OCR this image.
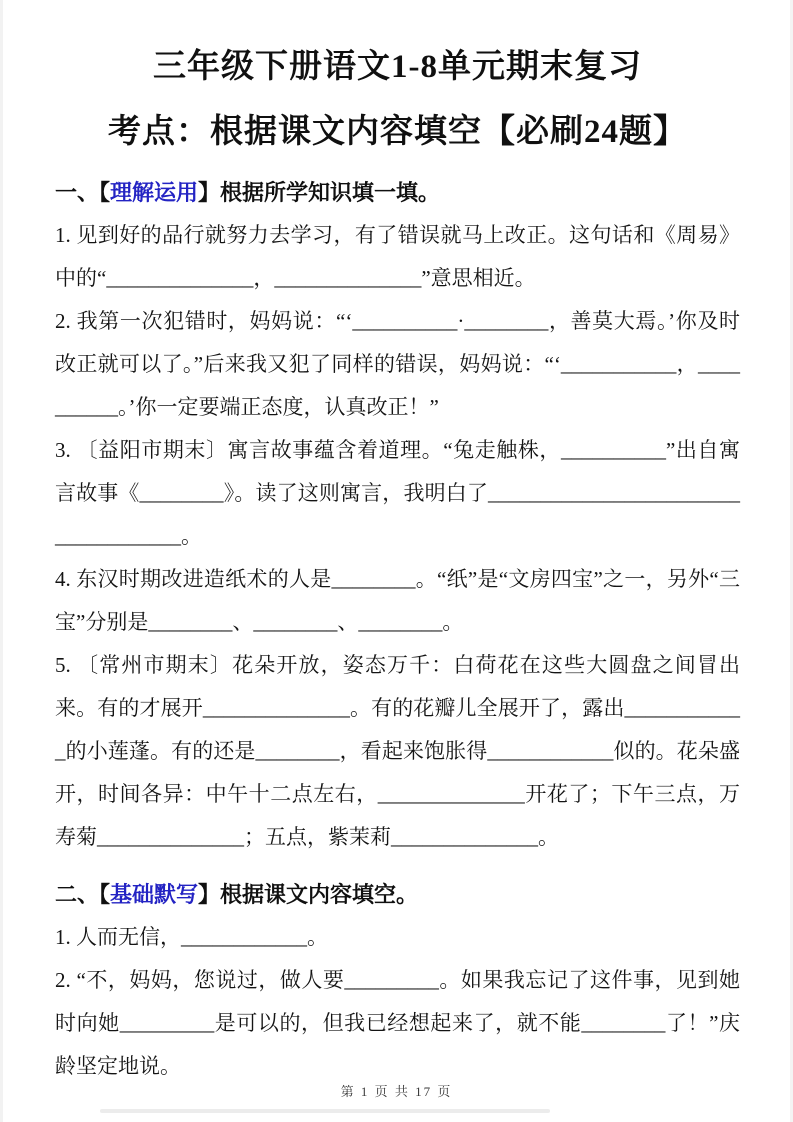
三年级下册语文1-8单元期末复习
考点：根据课文内容填空【必刷24题】

一、【理解运用】根据所学知识填一填。

1. 见到好的品行就努力去学习，有了错误就马上改正。这句话和《周易》中的“______________，______________”意思相近。

2. 我第一次犯错时，妈妈说：“‘__________·________，善莫大焉。’你及时改正就可以了。”后来我又犯了同样的错误，妈妈说：“‘___________，__________。’你一定要端正态度，认真改正！”

3. 〔益阳市期末〕寓言故事蕴含着道理。“兔走触株，__________”出自寓言故事《________》。读了这则寓言，我明白了____________________________________。

4. 东汉时期改进造纸术的人是________。“纸”是“文房四宝”之一，另外“三宝”分别是________、________、________。

5. 〔常州市期末〕花朵开放，姿态万千：白荷花在这些大圆盘之间冒出来。有的才展开______________。有的花瓣儿全展开了，露出____________的小莲蓬。有的还是________，看起来饱胀得____________似的。花朵盛开，时间各异：中午十二点左右，______________开花了；下午三点，万寿菊______________；五点，紫茉莉______________。

二、【基础默写】根据课文内容填空。

1. 人而无信，____________。

2. “不，妈妈，您说过，做人要_________。如果我忘记了这件事，见到她时向她_________是可以的，但我已经想起来了，就不能________了！”庆龄坚定地说。

第 1 页 共 17 页
